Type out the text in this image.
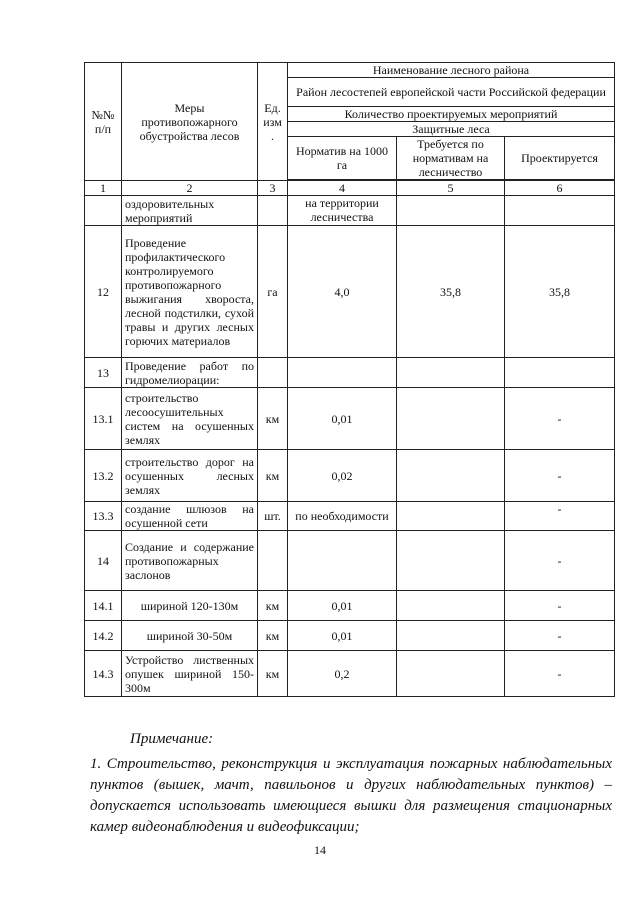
№№ п/п	Меры противопожарного обустройства лесов	Ед. изм .	Наименование лесного района		
			Район лесостепей европейской части Российской федерации		
			Количество проектируемых мероприятий		
			Защитные леса		
			Норматив на 1000 га	Требуется по нормативам на лесничество	Проектируется

1	2	3	4	5	6
	оздоровительных мероприятий		на территории лесничества		
12	Проведение профилактического контролируемого противопожарного выжигания хвороста, лесной подстилки, сухой травы и других лесных горючих материалов	га	4,0	35,8	35,8
13	Проведение работ по гидромелиорации:				
13.1	строительство лесоосушительных систем на осушенных землях	км	0,01		-
13.2	строительство дорог на осушенных лесных землях	км	0,02		-
13.3	создание шлюзов на осушенной сети	шт.	по необходимости		-
14	Создание и содержание противопожарных заслонов				-
14.1	шириной 120-130м	км	0,01		-
14.2	шириной 30-50м	км	0,01		-
14.3	Устройство лиственных опушек шириной 150-300м	км	0,2		-
Примечание:
1. Строительство, реконструкция и эксплуатация пожарных наблюдательных пунктов (вышек, мачт, павильонов и других наблюдательных пунктов) – допускается использовать имеющиеся вышки для размещения стационарных камер видеонаблюдения и видеофиксации;
14
